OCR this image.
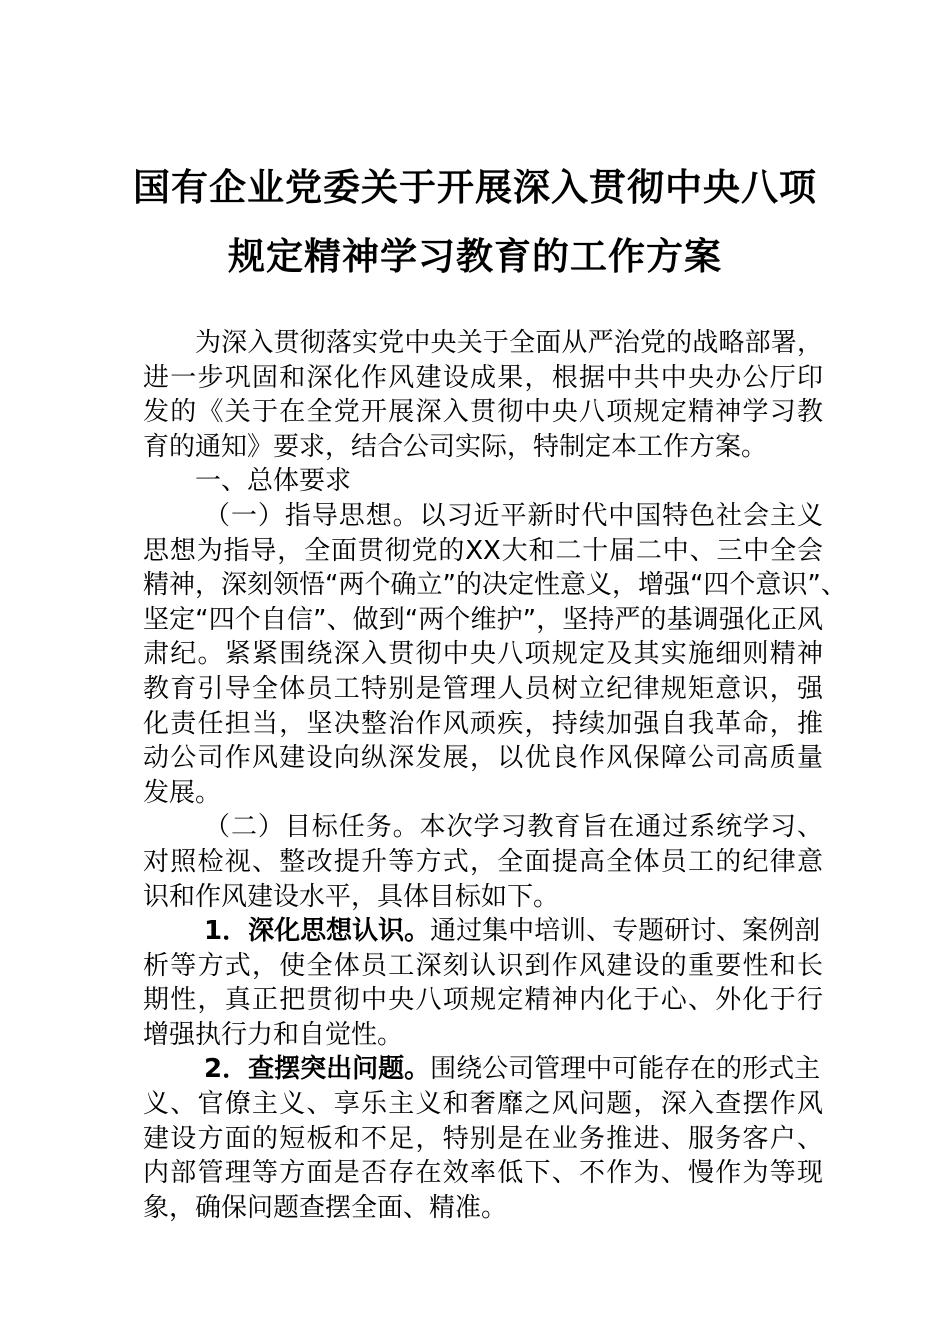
国有企业党委关于开展深入贯彻中央八项
规定精神学习教育的工作方案
为深入贯彻落实党中央关于全面从严治党的战略部署，
进一步巩固和深化作风建设成果，根据中共中央办公厅印
发的《关于在全党开展深入贯彻中央八项规定精神学习教
育的通知》要求，结合公司实际，特制定本工作方案。
一、总体要求
（一）指导思想。以习近平新时代中国特色社会主义
思想为指导，全面贯彻党的XX大和二十届二中、三中全会
精神，深刻领悟“两个确立”的决定性意义，增强“四个意识”、
坚定“四个自信”、做到“两个维护”，坚持严的基调强化正风
肃纪。紧紧围绕深入贯彻中央八项规定及其实施细则精神
教育引导全体员工特别是管理人员树立纪律规矩意识，强
化责任担当，坚决整治作风顽疾，持续加强自我革命，推
动公司作风建设向纵深发展，以优良作风保障公司高质量
发展。
（二）目标任务。本次学习教育旨在通过系统学习、
对照检视、整改提升等方式，全面提高全体员工的纪律意
识和作风建设水平，具体目标如下。
1．深化思想认识。通过集中培训、专题研讨、案例剖
析等方式，使全体员工深刻认识到作风建设的重要性和长
期性，真正把贯彻中央八项规定精神内化于心、外化于行
增强执行力和自觉性。
2．查摆突出问题。围绕公司管理中可能存在的形式主
义、官僚主义、享乐主义和奢靡之风问题，深入查摆作风
建设方面的短板和不足，特别是在业务推进、服务客户、
内部管理等方面是否存在效率低下、不作为、慢作为等现
象，确保问题查摆全面、精准。
